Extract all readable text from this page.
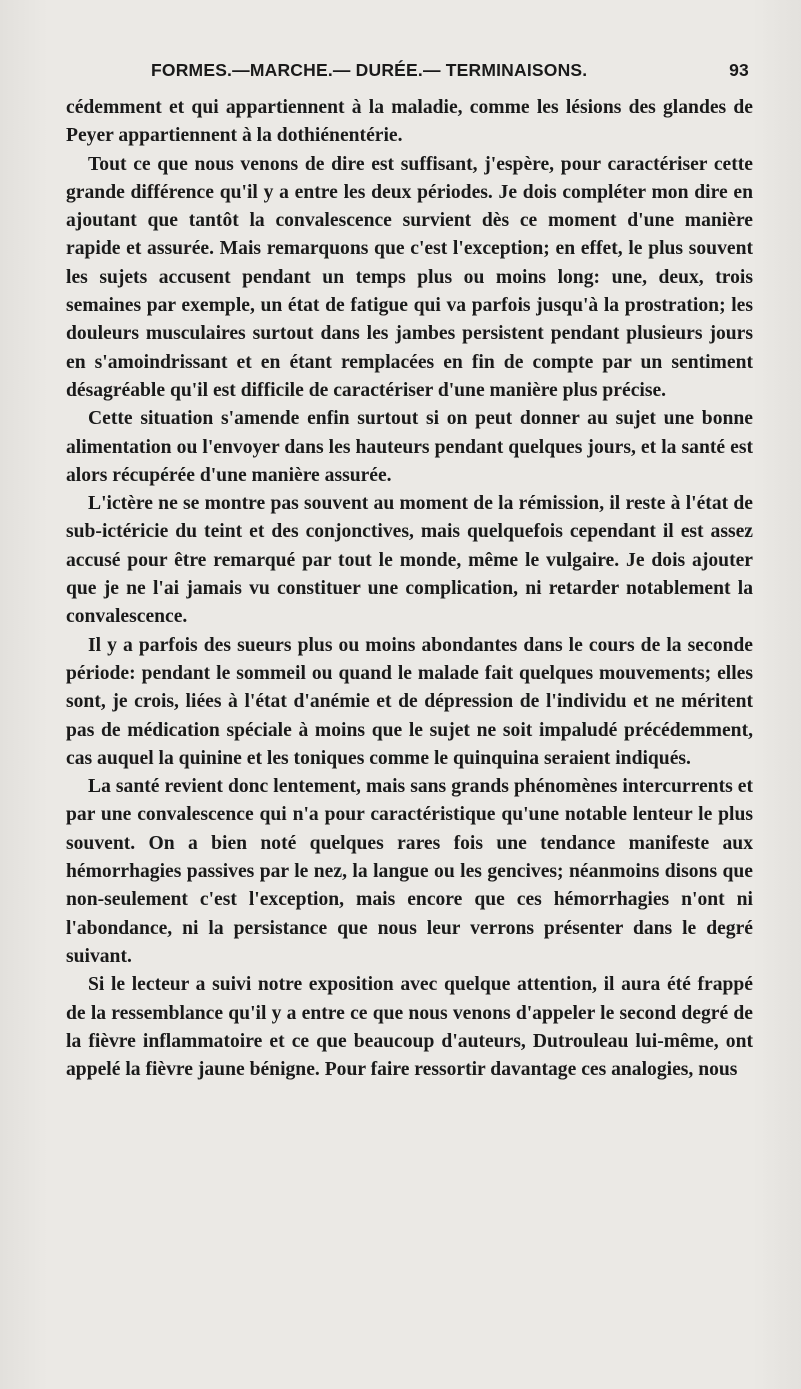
FORMES.—MARCHE.— DURÉE.— TERMINAISONS.	93

cédemment et qui appartiennent à la maladie, comme les lésions des glandes de Peyer appartiennent à la dothiénentérie.

Tout ce que nous venons de dire est suffisant, j'espère, pour caractériser cette grande différence qu'il y a entre les deux périodes. Je dois compléter mon dire en ajoutant que tantôt la convalescence survient dès ce moment d'une manière rapide et assurée. Mais remarquons que c'est l'exception; en effet, le plus souvent les sujets accusent pendant un temps plus ou moins long: une, deux, trois semaines par exemple, un état de fatigue qui va parfois jusqu'à la prostration; les douleurs musculaires surtout dans les jambes persistent pendant plusieurs jours en s'amoindrissant et en étant remplacées en fin de compte par un sentiment désagréable qu'il est difficile de caractériser d'une manière plus précise.

Cette situation s'amende enfin surtout si on peut donner au sujet une bonne alimentation ou l'envoyer dans les hauteurs pendant quelques jours, et la santé est alors récupérée d'une manière assurée.

L'ictère ne se montre pas souvent au moment de la rémission, il reste à l'état de sub-ictéricie du teint et des conjonctives, mais quelquefois cependant il est assez accusé pour être remarqué par tout le monde, même le vulgaire. Je dois ajouter que je ne l'ai jamais vu constituer une complication, ni retarder notablement la convalescence.

Il y a parfois des sueurs plus ou moins abondantes dans le cours de la seconde période: pendant le sommeil ou quand le malade fait quelques mouvements; elles sont, je crois, liées à l'état d'anémie et de dépression de l'individu et ne méritent pas de médication spéciale à moins que le sujet ne soit impaludé précédemment, cas auquel la quinine et les toniques comme le quinquina seraient indiqués.

La santé revient donc lentement, mais sans grands phénomènes intercurrents et par une convalescence qui n'a pour caractéristique qu'une notable lenteur le plus souvent. On a bien noté quelques rares fois une tendance manifeste aux hémorrhagies passives par le nez, la langue ou les gencives; néanmoins disons que non-seulement c'est l'exception, mais encore que ces hémorrhagies n'ont ni l'abondance, ni la persistance que nous leur verrons présenter dans le degré suivant.

Si le lecteur a suivi notre exposition avec quelque attention, il aura été frappé de la ressemblance qu'il y a entre ce que nous venons d'appeler le second degré de la fièvre inflammatoire et ce que beaucoup d'auteurs, Dutrouleau lui-même, ont appelé la fièvre jaune bénigne. Pour faire ressortir davantage ces analogies, nous
